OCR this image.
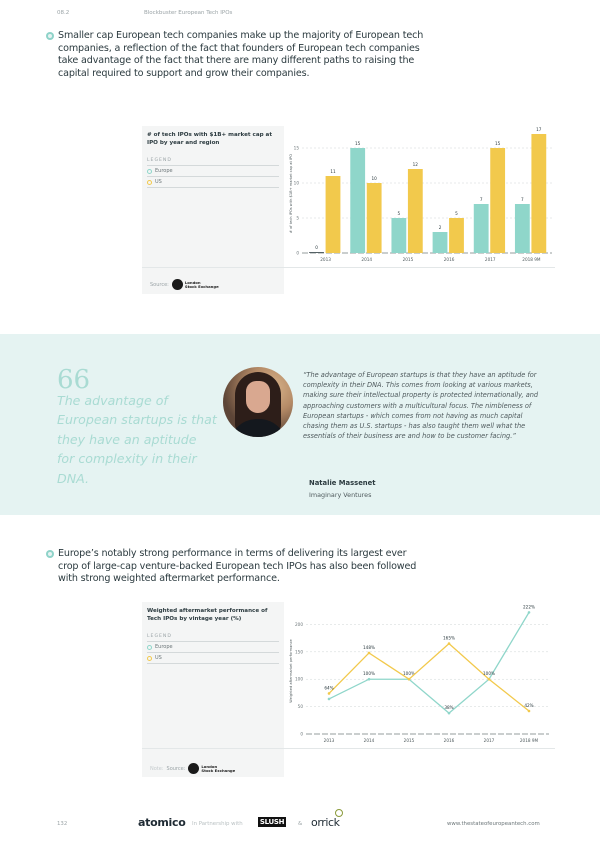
08.2	Blockbuster European Tech IPOs
Smaller cap European tech companies make up the majority of European tech companies, a reflection of the fact that founders of European tech companies take advantage of the fact that there are many different paths to raising the capital required to support and grow their companies.
# of tech IPOs with $1B+ market cap at IPO by year and region
LEGEND
Europe
US	# of tech IPOs with $1B+ market cap at IPO
0
5
10
15
0
11
2013
15
10
2014
5
12
2015
2
5
2016
7
15
2017
7
17
2018 9M
Source:	London
Stock Exchange
66
The advantage of European startups is that they have an aptitude for complexity in their DNA.
“The advantage of European startups is that they have an aptitude for complexity in their DNA. This comes from looking at various markets, making sure their intellectual property is protected internationally, and approaching customers with a multicultural focus. The nimbleness of European startups - which comes from not having as much capital chasing them as U.S. startups - has also taught them well what the essentials of their business are and how to be customer facing.”
Natalie Massenet
Imaginary Ventures
Europe’s notably strong performance in terms of delivering its largest ever crop of large-cap venture-backed European tech IPOs has also been followed with strong weighted aftermarket performance.
Weighted aftermarket performance of Tech IPOs by vintage year (%)
LEGEND
Europe
US	Weighted aftermarket performance
0
50
100
150
200
2013	2014	2015	2016	2017	2018 9M
100%	100%
38%
222%
64%
148%
165%
100%
42%
Note: Source:	London
Stock Exchange
132	atomico In Partnership with SLUSH	& orrick	www.thestateofeuropeantech.com
